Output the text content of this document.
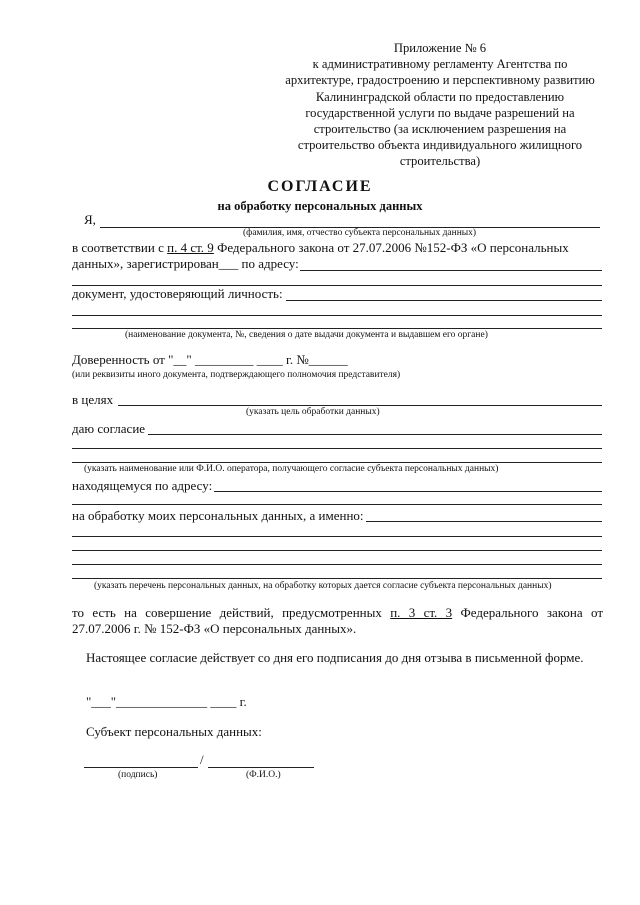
Приложение № 6
к административному регламенту Агентства по
архитектуре, градостроению и перспективному развитию
Калининградской области по предоставлению
государственной услуги по выдаче разрешений на
строительство (за исключением разрешения на
строительство объекта индивидуального жилищного
строительства)
СОГЛАСИЕ
на обработку персональных данных
Я,
(фамилия, имя, отчество субъекта персональных данных)
в соответствии с п. 4 ст. 9 Федерального закона от 27.07.2006 №152-ФЗ «О персональных
данных», зарегистрирован___ по адресу:
документ, удостоверяющий личность:
(наименование документа, №, сведения о дате выдачи документа и выдавшем его органе)
Доверенность от "__" _________ ____ г. №______
(или реквизиты иного документа, подтверждающего полномочия представителя)
в целях
(указать цель обработки данных)
даю согласие
(указать наименование или Ф.И.О. оператора, получающего согласие субъекта персональных данных)
находящемуся по адресу:
на обработку моих персональных данных, а именно:
(указать перечень персональных данных, на обработку которых дается согласие субъекта персональных данных)
то есть на совершение действий, предусмотренных п. 3 ст. 3 Федерального закона от 27.07.2006 г. № 152-ФЗ «О персональных данных».
Настоящее согласие действует со дня его подписания до дня отзыва в письменной форме.
"___"______________ ____ г.
Субъект персональных данных:
/
(подпись)	(Ф.И.О.)
